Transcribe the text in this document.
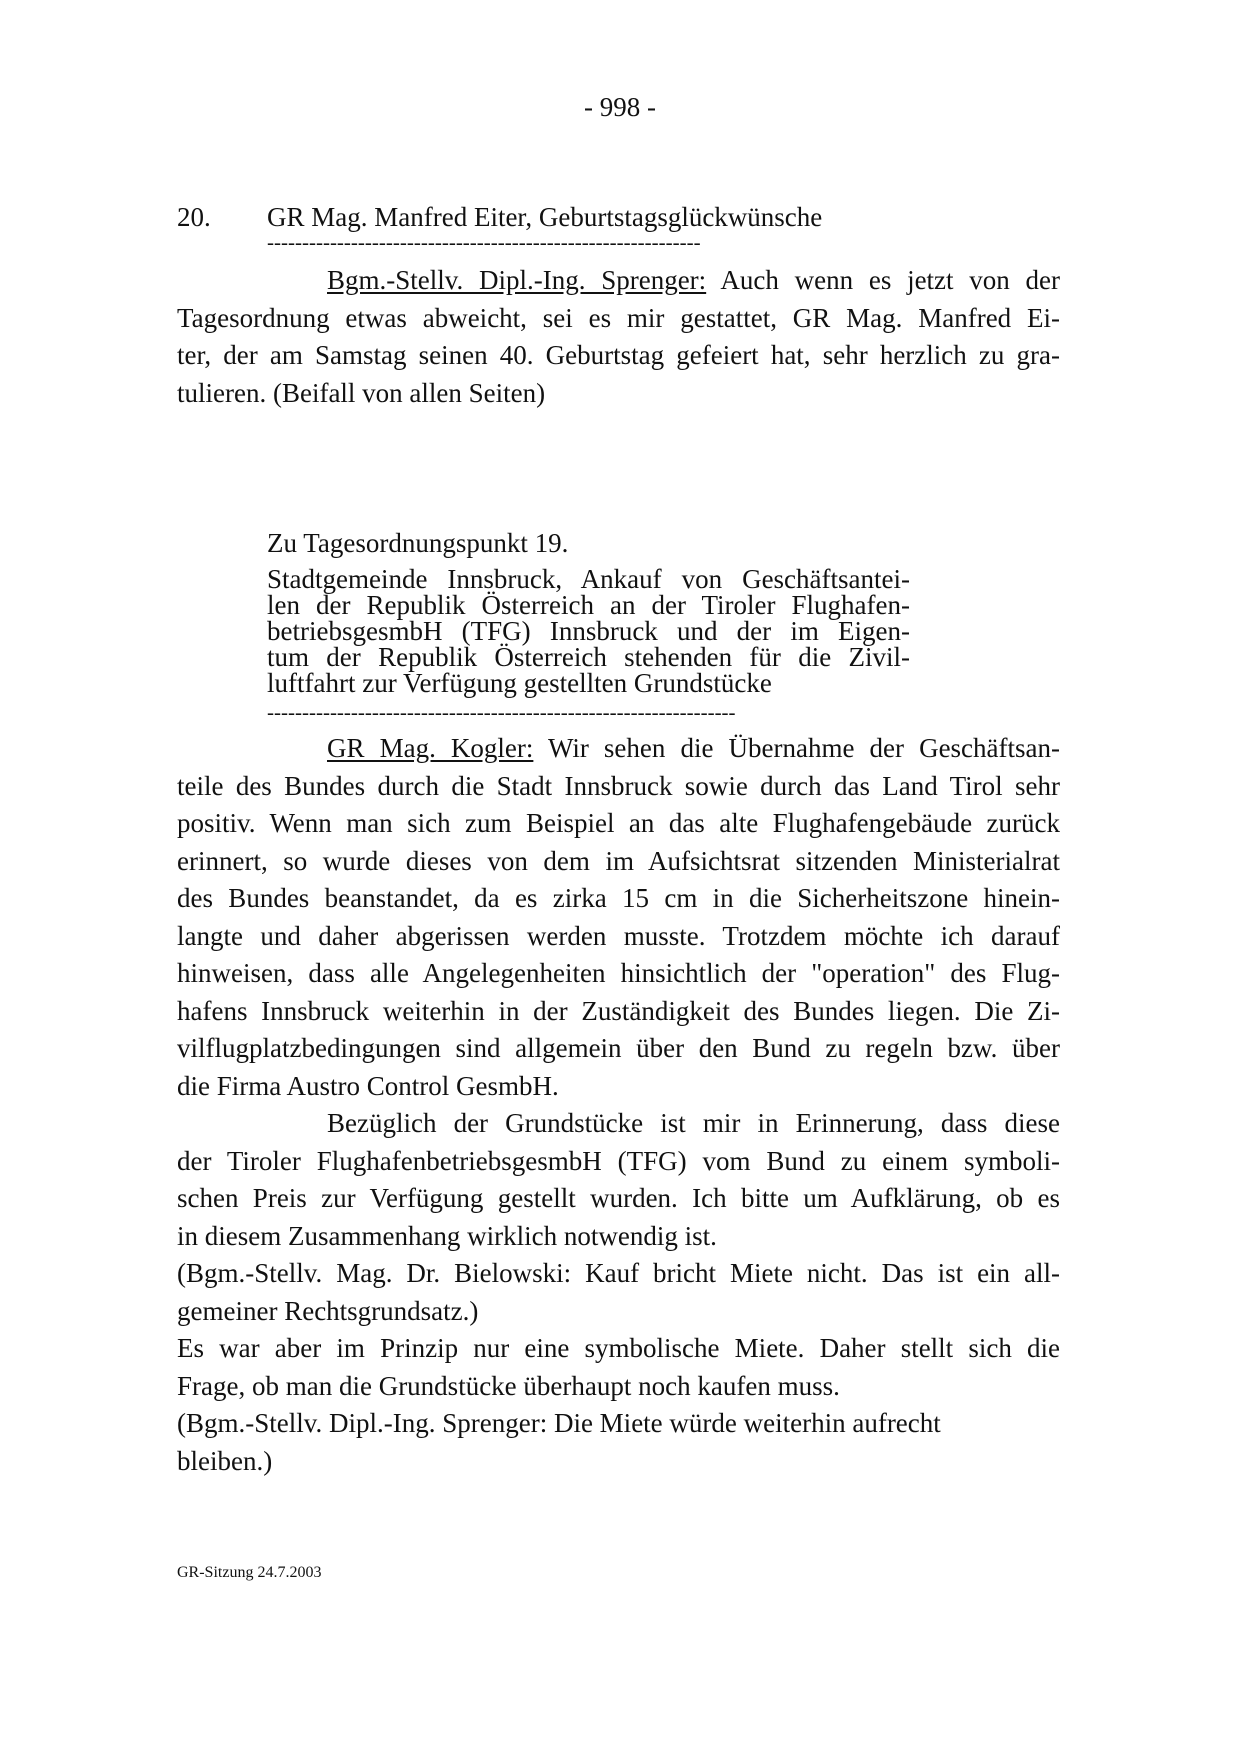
- 998 -
20. GR Mag. Manfred Eiter, Geburtstagsglückwünsche
--------------------------------------------------------------
Bgm.-Stellv. Dipl.-Ing. Sprenger: Auch wenn es jetzt von der
Tagesordnung etwas abweicht, sei es mir gestattet, GR Mag. Manfred Ei-
ter, der am Samstag seinen 40. Geburtstag gefeiert hat, sehr herzlich zu gra-
tulieren. (Beifall von allen Seiten)
Zu Tagesordnungspunkt 19.
Stadtgemeinde Innsbruck, Ankauf von Geschäftsantei-
len der Republik Österreich an der Tiroler Flughafen-
betriebsgesmbH (TFG) Innsbruck und der im Eigen-
tum der Republik Österreich stehenden für die Zivil-
luftfahrt zur Verfügung gestellten Grundstücke
-------------------------------------------------------------------
GR Mag. Kogler: Wir sehen die Übernahme der Geschäftsan-
teile des Bundes durch die Stadt Innsbruck sowie durch das Land Tirol sehr
positiv. Wenn man sich zum Beispiel an das alte Flughafengebäude zurück
erinnert, so wurde dieses von dem im Aufsichtsrat sitzenden Ministerialrat
des Bundes beanstandet, da es zirka 15 cm in die Sicherheitszone hinein-
langte und daher abgerissen werden musste. Trotzdem möchte ich darauf
hinweisen, dass alle Angelegenheiten hinsichtlich der "operation" des Flug-
hafens Innsbruck weiterhin in der Zuständigkeit des Bundes liegen. Die Zi-
vilflugplatzbedingungen sind allgemein über den Bund zu regeln bzw. über
die Firma Austro Control GesmbH.
Bezüglich der Grundstücke ist mir in Erinnerung, dass diese
der Tiroler FlughafenbetriebsgesmbH (TFG) vom Bund zu einem symboli-
schen Preis zur Verfügung gestellt wurden. Ich bitte um Aufklärung, ob es
in diesem Zusammenhang wirklich notwendig ist.
(Bgm.-Stellv. Mag. Dr. Bielowski: Kauf bricht Miete nicht. Das ist ein all-
gemeiner Rechtsgrundsatz.)
Es war aber im Prinzip nur eine symbolische Miete. Daher stellt sich die
Frage, ob man die Grundstücke überhaupt noch kaufen muss.
(Bgm.-Stellv. Dipl.-Ing. Sprenger: Die Miete würde weiterhin aufrecht
bleiben.)
GR-Sitzung 24.7.2003
